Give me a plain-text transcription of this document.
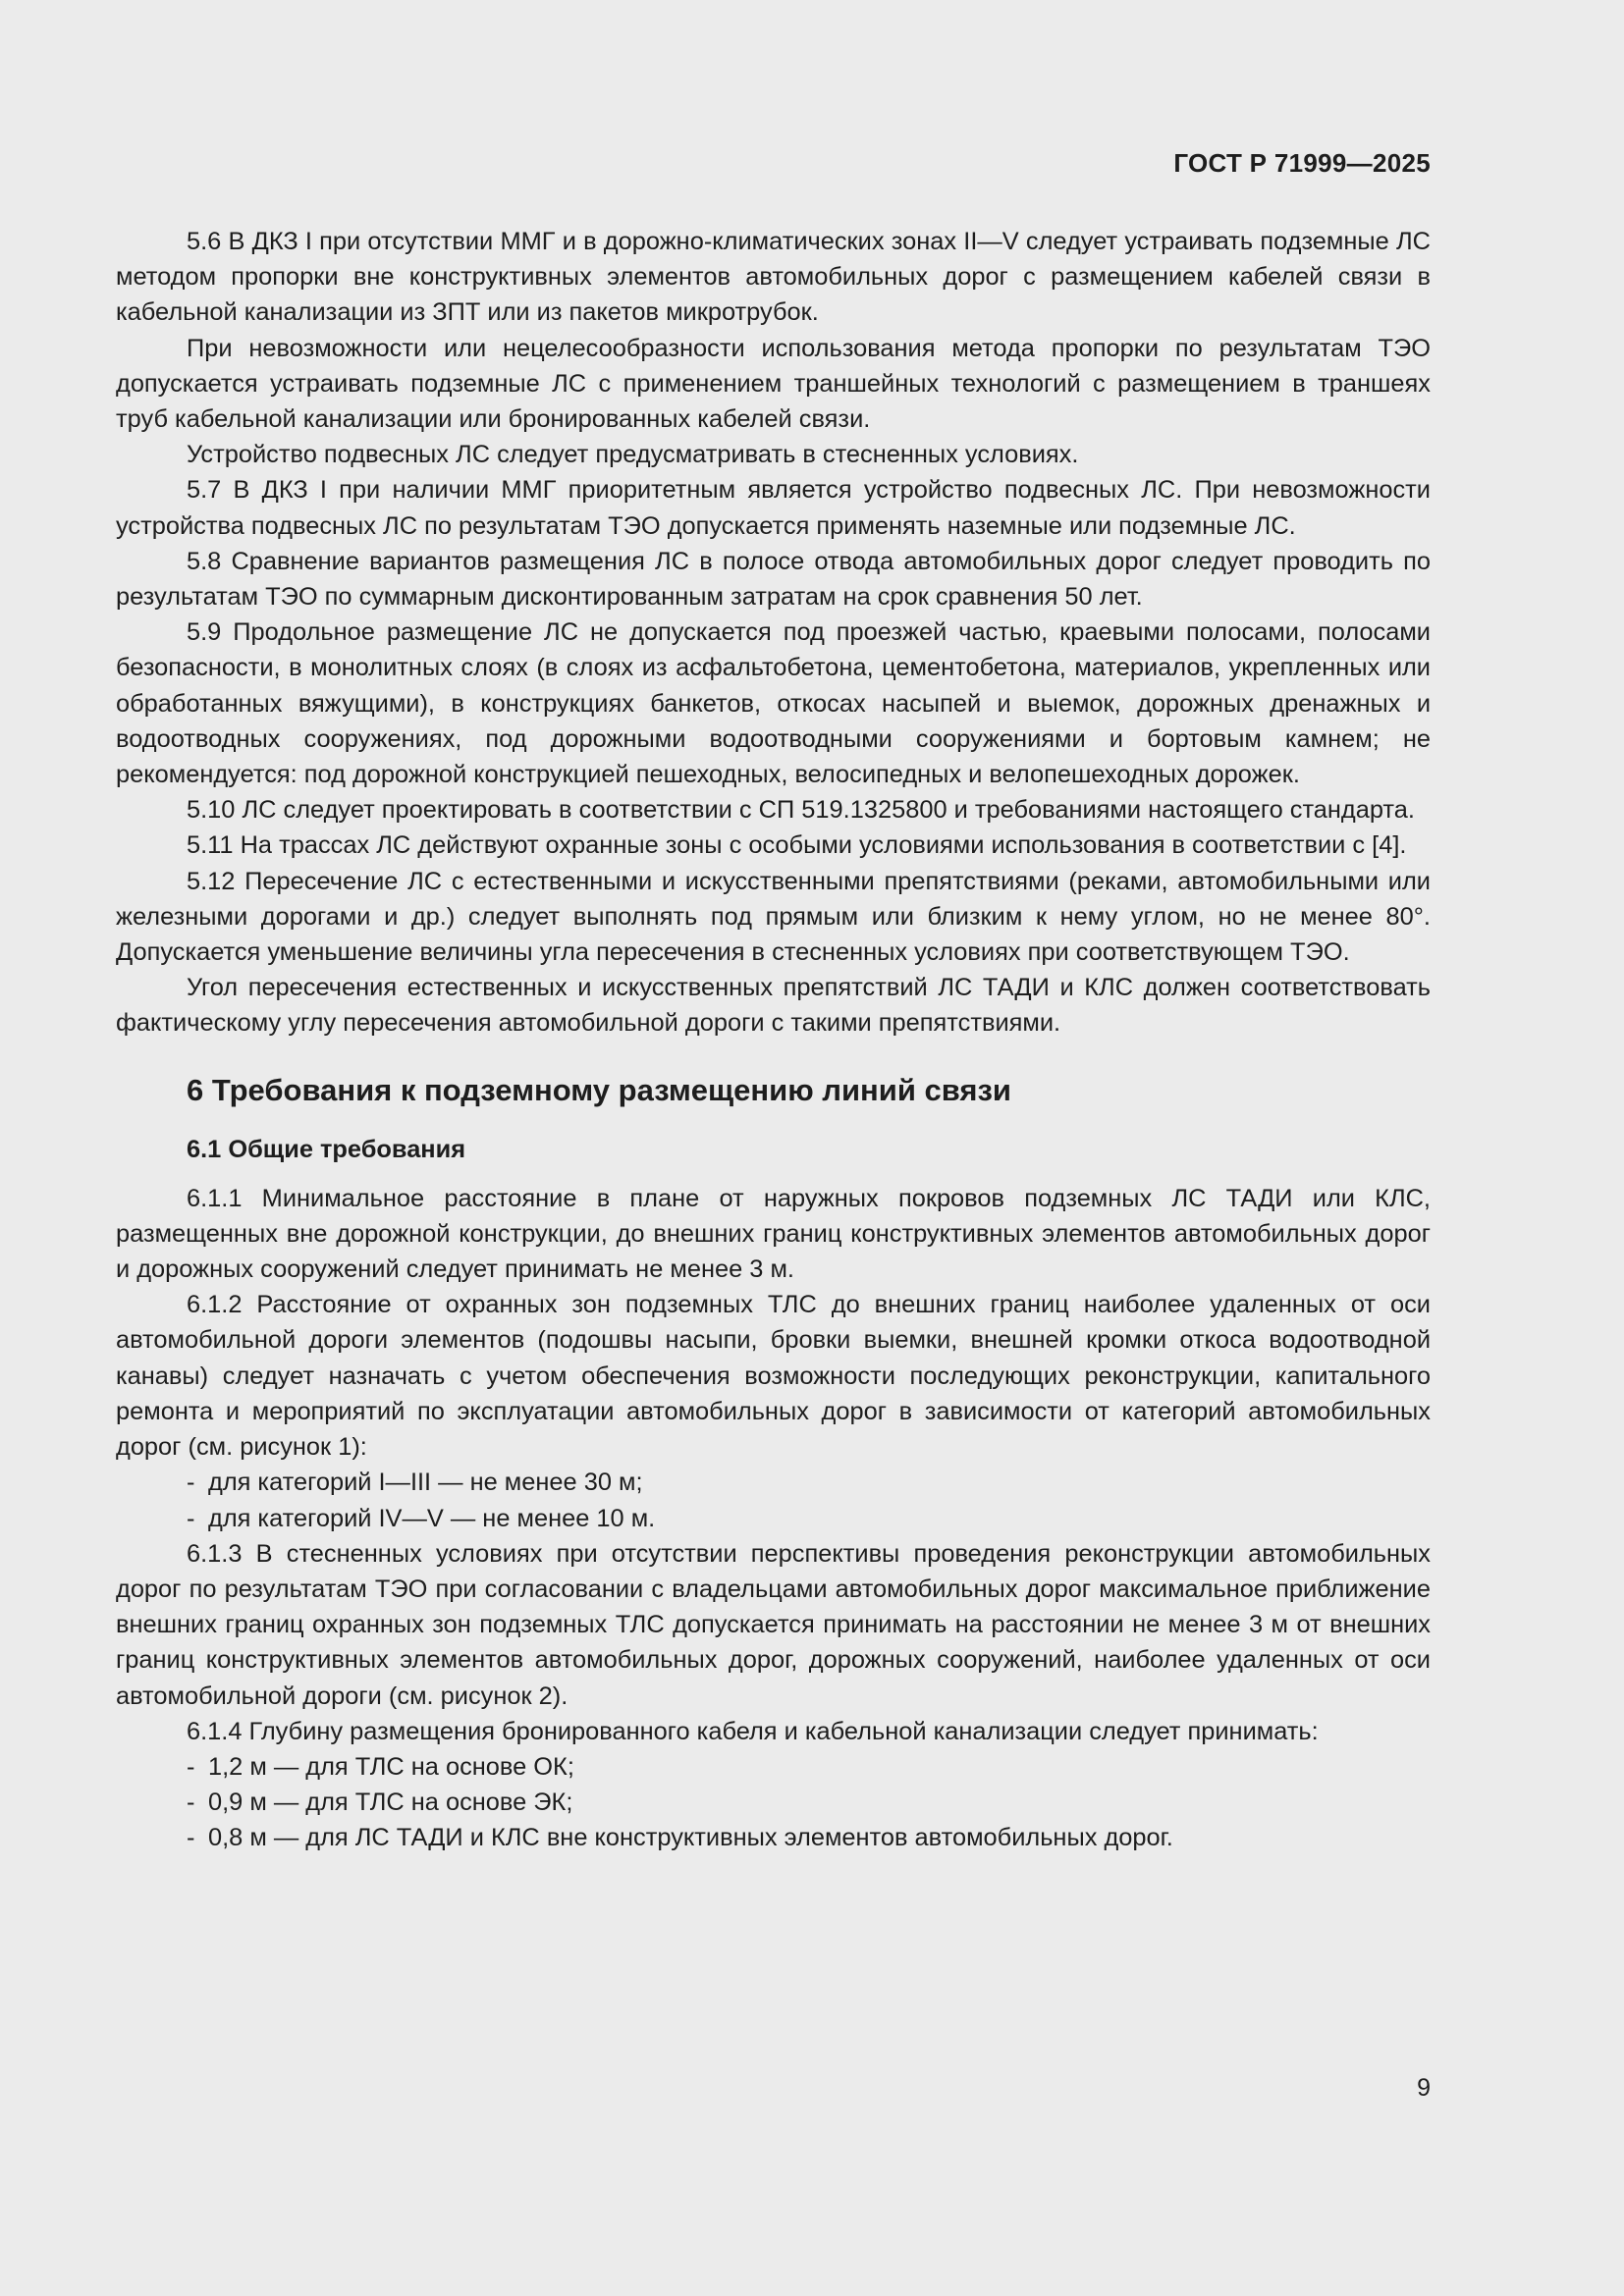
ГОСТ Р 71999—2025

5.6 В ДКЗ I при отсутствии ММГ и в дорожно-климатических зонах II—V следует устраивать подземные ЛС методом пропорки вне конструктивных элементов автомобильных дорог с размещением кабелей связи в кабельной канализации из ЗПТ или из пакетов микротрубок.

При невозможности или нецелесообразности использования метода пропорки по результатам ТЭО допускается устраивать подземные ЛС с применением траншейных технологий с размещением в траншеях труб кабельной канализации или бронированных кабелей связи.

Устройство подвесных ЛС следует предусматривать в стесненных условиях.

5.7 В ДКЗ I при наличии ММГ приоритетным является устройство подвесных ЛС. При невозможности устройства подвесных ЛС по результатам ТЭО допускается применять наземные или подземные ЛС.

5.8 Сравнение вариантов размещения ЛС в полосе отвода автомобильных дорог следует проводить по результатам ТЭО по суммарным дисконтированным затратам на срок сравнения 50 лет.

5.9 Продольное размещение ЛС не допускается под проезжей частью, краевыми полосами, полосами безопасности, в монолитных слоях (в слоях из асфальтобетона, цементобетона, материалов, укрепленных или обработанных вяжущими), в конструкциях банкетов, откосах насыпей и выемок, дорожных дренажных и водоотводных сооружениях, под дорожными водоотводными сооружениями и бортовым камнем; не рекомендуется: под дорожной конструкцией пешеходных, велосипедных и велопешеходных дорожек.

5.10 ЛС следует проектировать в соответствии с СП 519.1325800 и требованиями настоящего стандарта.

5.11 На трассах ЛС действуют охранные зоны с особыми условиями использования в соответствии с [4].

5.12 Пересечение ЛС с естественными и искусственными препятствиями (реками, автомобильными или железными дорогами и др.) следует выполнять под прямым или близким к нему углом, но не менее 80°. Допускается уменьшение величины угла пересечения в стесненных условиях при соответствующем ТЭО.

Угол пересечения естественных и искусственных препятствий ЛС ТАДИ и КЛС должен соответствовать фактическому углу пересечения автомобильной дороги с такими препятствиями.

6 Требования к подземному размещению линий связи
6.1 Общие требования

6.1.1 Минимальное расстояние в плане от наружных покровов подземных ЛС ТАДИ или КЛС, размещенных вне дорожной конструкции, до внешних границ конструктивных элементов автомобильных дорог и дорожных сооружений следует принимать не менее 3 м.

6.1.2 Расстояние от охранных зон подземных ТЛС до внешних границ наиболее удаленных от оси автомобильной дороги элементов (подошвы насыпи, бровки выемки, внешней кромки откоса водоотводной канавы) следует назначать с учетом обеспечения возможности последующих реконструкции, капитального ремонта и мероприятий по эксплуатации автомобильных дорог в зависимости от категорий автомобильных дорог (см. рисунок 1):

- для категорий I—III — не менее 30 м;

- для категорий IV—V — не менее 10 м.

6.1.3 В стесненных условиях при отсутствии перспективы проведения реконструкции автомобильных дорог по результатам ТЭО при согласовании с владельцами автомобильных дорог максимальное приближение внешних границ охранных зон подземных ТЛС допускается принимать на расстоянии не менее 3 м от внешних границ конструктивных элементов автомобильных дорог, дорожных сооружений, наиболее удаленных от оси автомобильной дороги (см. рисунок 2).

6.1.4 Глубину размещения бронированного кабеля и кабельной канализации следует принимать:

- 1,2 м — для ТЛС на основе ОК;

- 0,9 м — для ТЛС на основе ЭК;

- 0,8 м — для ЛС ТАДИ и КЛС вне конструктивных элементов автомобильных дорог.

9
